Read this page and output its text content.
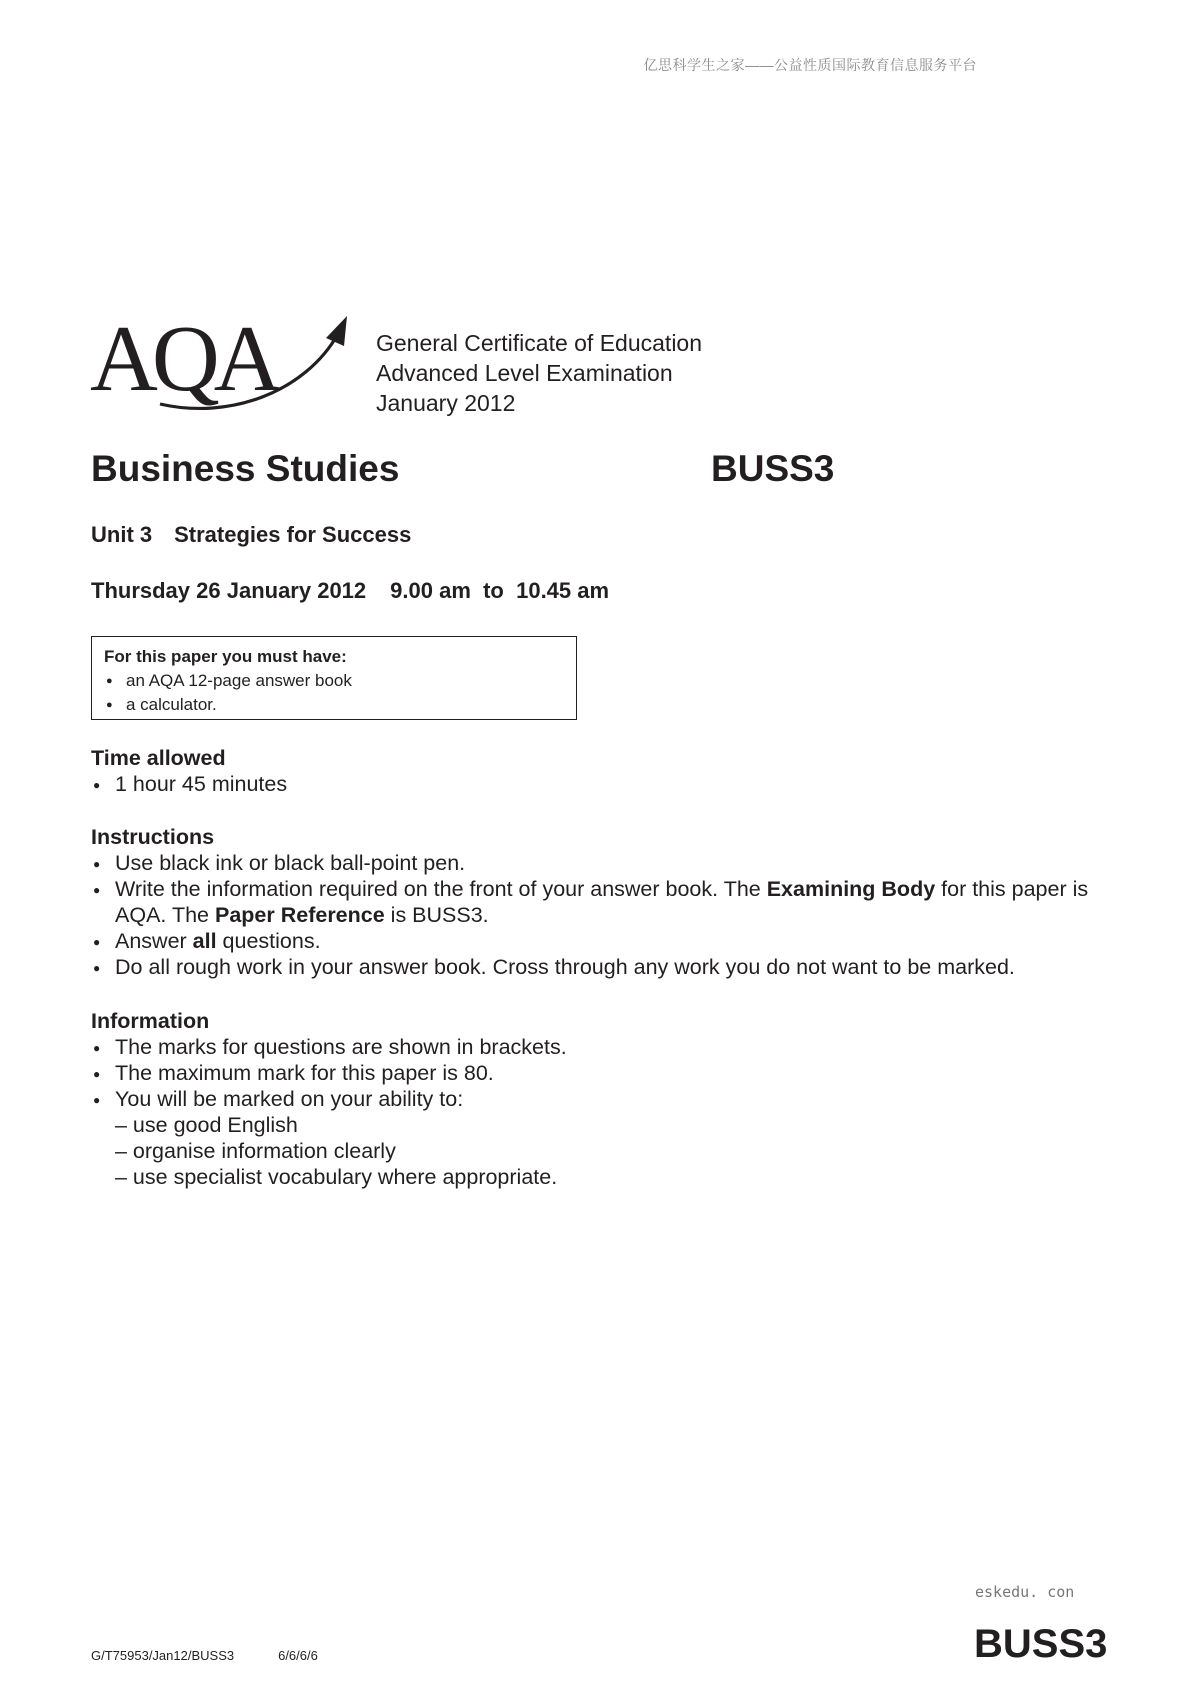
亿思科学生之家——公益性质国际教育信息服务平台
AQA	General Certificate of Education
Advanced Level Examination
January 2012
Business Studies	BUSS3
Unit 3 Strategies for Success
Thursday 26 January 2012 9.00 am  to  10.45 am
For this paper you must have:
● an AQA 12-page answer book
● a calculator.
Time allowed
● 1 hour 45 minutes
Instructions
● Use black ink or black ball-point pen.
● Write the information required on the front of your answer book. The Examining Body for this paper is AQA. The Paper Reference is BUSS3.
● Answer all questions.
● Do all rough work in your answer book. Cross through any work you do not want to be marked.
Information
● The marks for questions are shown in brackets.
● The maximum mark for this paper is 80.
● You will be marked on your ability to:
– use good English
– organise information clearly
– use specialist vocabulary where appropriate.
eskedu. con
G/T75953/Jan12/BUSS3	6/6/6/6	BUSS3
